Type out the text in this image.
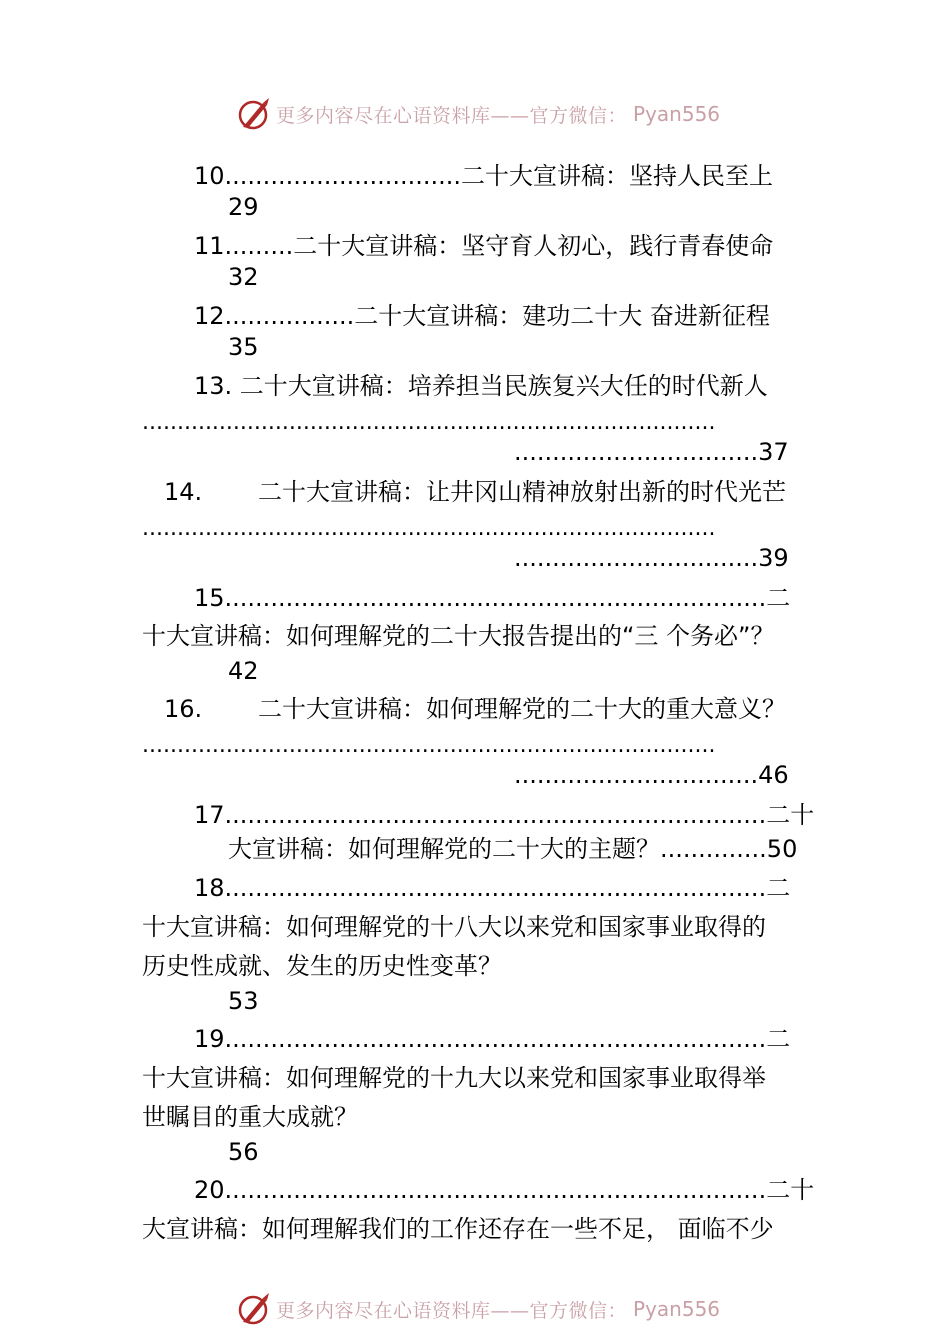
更多内容尽在心语资料库——官方微信： Pyan556
10...............................二十大宣讲稿：坚持人民至上
29
11.........二十大宣讲稿：坚守育人初心，践行青春使命
32
12.................二十大宣讲稿：建功二十大 奋进新征程
35
13. 二十大宣讲稿：培养担当民族复兴大任的时代新人
..................................................................................
................................37
14. 二十大宣讲稿：让井冈山精神放射出新的时代光芒
..................................................................................
................................39
15.......................................................................二
十大宣讲稿：如何理解党的二十大报告提出的“三 个务必”？
42
16. 二十大宣讲稿：如何理解党的二十大的重大意义？
..................................................................................
................................46
17.......................................................................二十
大宣讲稿：如何理解党的二十大的主题？..............50
18.......................................................................二
十大宣讲稿：如何理解党的十八大以来党和国家事业取得的
历史性成就、发生的历史性变革？
53
19.......................................................................二
十大宣讲稿：如何理解党的十九大以来党和国家事业取得举
世瞩目的重大成就？
56
20.......................................................................二十
大宣讲稿：如何理解我们的工作还存在一些不足， 面临不少
更多内容尽在心语资料库——官方微信： Pyan556
